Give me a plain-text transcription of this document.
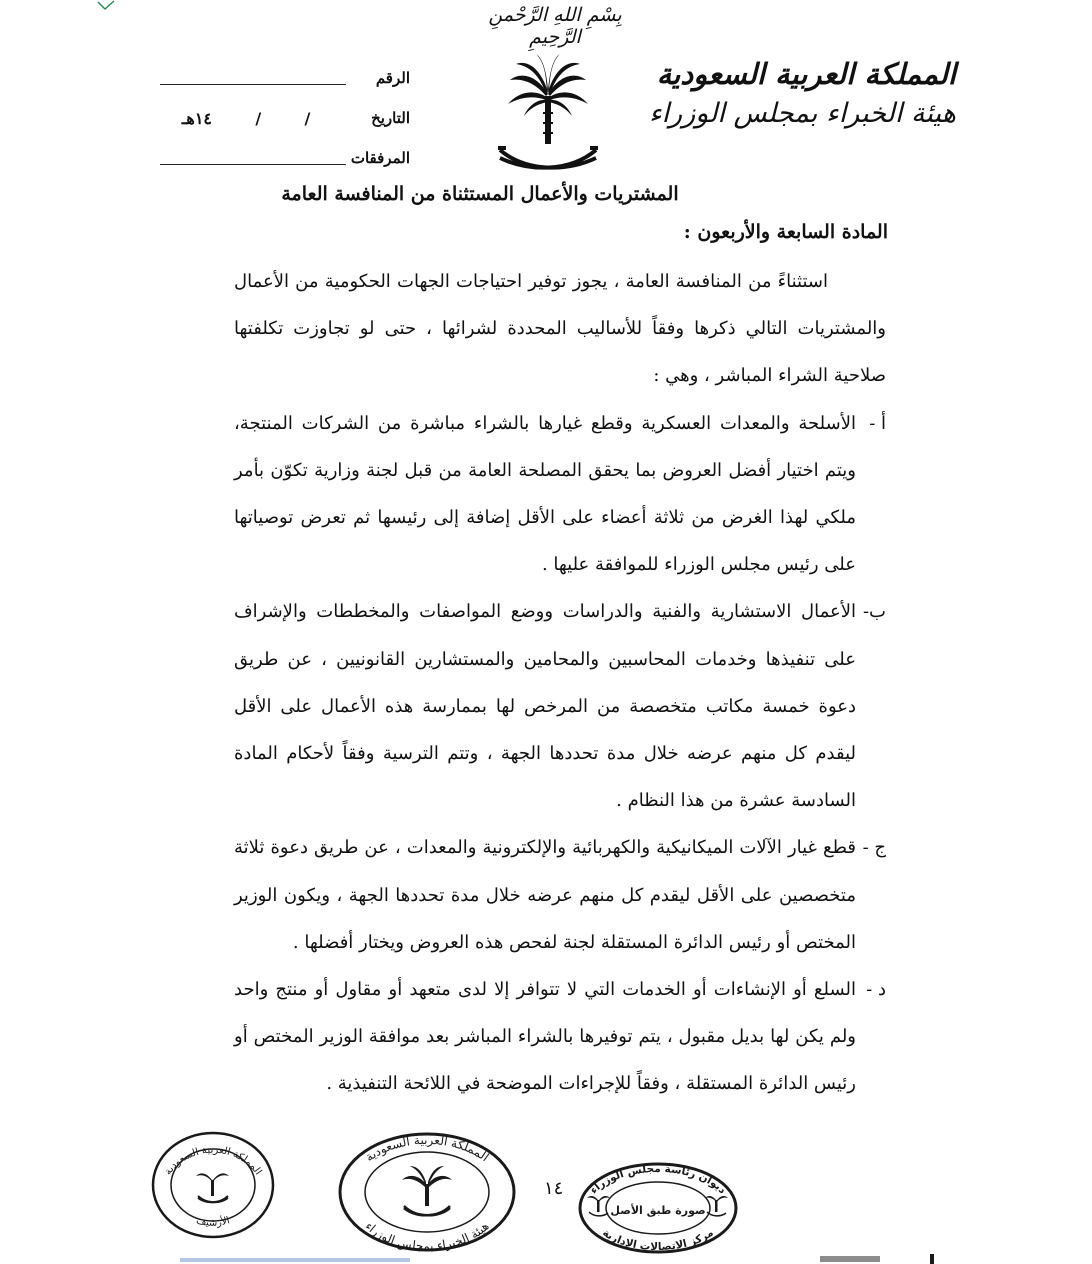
بِسْمِ اللهِ الرَّحْمنِ الرَّحِيمِ
المملكة العربية السعودية
هيئة الخبراء بمجلس الوزراء
الرقم
التاريخ
/
/
١٤هـ
المرفقات
المشتريات والأعمال المستثناة من المنافسة العامة
المادة السابعة والأربعون :

استثناءً من المنافسة العامة ، يجوز توفير احتياجات الجهات الحكومية من الأعمال والمشتريات التالي ذكرها وفقاً للأساليب المحددة لشرائها ، حتى لو تجاوزت تكلفتها صلاحية الشراء المباشر ، وهي :

أ -
الأسلحة والمعدات العسكرية وقطع غيارها بالشراء مباشرة من الشركات المنتجة، ويتم اختيار أفضل العروض بما يحقق المصلحة العامة من قبل لجنة وزارية تكوّن بأمر ملكي لهذا الغرض من ثلاثة أعضاء على الأقل إضافة إلى رئيسها ثم تعرض توصياتها على رئيس مجلس الوزراء للموافقة عليها .
ب-
الأعمال الاستشارية والفنية والدراسات ووضع المواصفات والمخططات والإشراف على تنفيذها وخدمات المحاسبين والمحامين والمستشارين القانونيين ، عن طريق دعوة خمسة مكاتب متخصصة من المرخص لها بممارسة هذه الأعمال على الأقل ليقدم كل منهم عرضه خلال مدة تحددها الجهة ، وتتم الترسية وفقاً لأحكام المادة السادسة عشرة من هذا النظام .
ج -
قطع غيار الآلات الميكانيكية والكهربائية والإلكترونية والمعدات ، عن طريق دعوة ثلاثة متخصصين على الأقل ليقدم كل منهم عرضه خلال مدة تحددها الجهة ، ويكون الوزير المختص أو رئيس الدائرة المستقلة لجنة لفحص هذه العروض ويختار أفضلها .
د -
السلع أو الإنشاءات أو الخدمات التي لا تتوافر إلا لدى متعهد أو مقاول أو منتج واحد ولم يكن لها بديل مقبول ، يتم توفيرها بالشراء المباشر بعد موافقة الوزير المختص أو رئيس الدائرة المستقلة ، وفقاً للإجراءات الموضحة في اللائحة التنفيذية .
المملكة العربية السعودية
الأرشيف
المملكة العربية السعودية
هيئة الخبراء بمجلس الوزراء
١٤ ديوان رئاسة مجلس الوزراء
صورة طبق الأصل
مركز الاتصالات الإدارية
